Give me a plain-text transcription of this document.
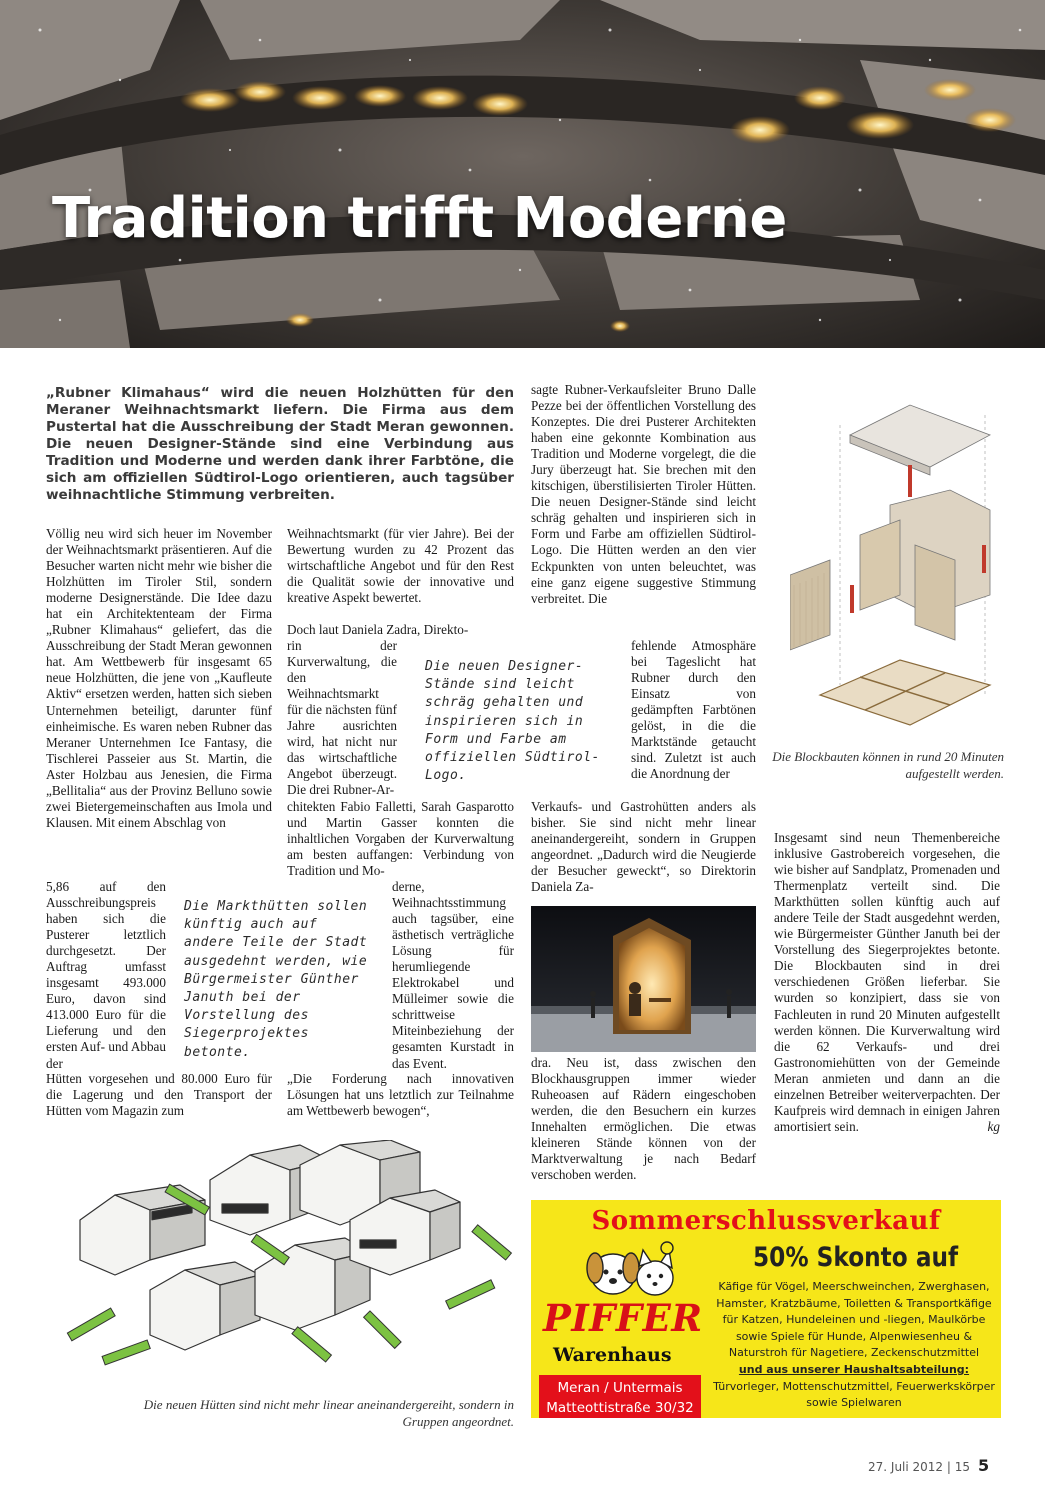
Tradition trifft Moderne
„Rubner Klimahaus“ wird die neuen Holzhütten für den Meraner Weihnachtsmarkt liefern. Die Firma aus dem Pustertal hat die Ausschreibung der Stadt Meran gewonnen. Die neuen Designer-Stände sind eine Verbindung aus Tradition und Moderne und werden dank ihrer Farbtöne, die sich am offiziellen Südtirol-Logo orientieren, auch tagsüber weihnachtliche Stimmung verbreiten.
Völlig neu wird sich heuer im November der Weihnachtsmarkt präsentieren. Auf die Besucher warten nicht mehr wie bisher die Holzhütten im Tiroler Stil, sondern moderne Designerstände. Die Idee dazu hat ein Architektenteam der Firma „Rubner Klimahaus“ geliefert, das die Ausschreibung der Stadt Meran gewonnen hat. Am Wettbewerb für insgesamt 65 neue Holzhütten, die jene von „Kaufleute Aktiv“ ersetzen werden, hatten sich sieben Unternehmen beteiligt, darunter fünf einheimische. Es waren neben Rubner das Meraner Unternehmen Ice Fantasy, die Tischlerei Passeier aus St. Martin, die Aster Holzbau aus Jenesien, die Firma „Bellitalia“ aus der Provinz Belluno sowie zwei Bietergemeinschaften aus Imola und Klausen. Mit einem Abschlag von
5,86 auf den Ausschreibungspreis haben sich die Pusterer letztlich durchgesetzt. Der Auftrag umfasst insgesamt 493.000 Euro, davon sind 413.000 Euro für die Lieferung und den ersten Auf- und Abbau der
Hütten vorgesehen und 80.000 Euro für die Lagerung und den Transport der Hütten vom Magazin zum
Weihnachtsmarkt (für vier Jahre). Bei der Bewertung wurden zu 42 Prozent das wirtschaftliche Angebot und für den Rest die Qualität sowie der innovative und kreative Aspekt bewertet.
Doch laut Daniela Zadra, Direkto-
rin der Kurverwaltung, die den Weihnachtsmarkt für die nächsten fünf Jahre ausrichten wird, hat nicht nur das wirtschaftliche Angebot überzeugt. Die drei Rubner-Ar-
chitekten Fabio Falletti, Sarah Gasparotto und Martin Gasser konnten die inhaltlichen Vorgaben der Kurverwaltung am besten auffangen: Verbindung von Tradition und Mo-
derne, Weihnachtsstimmung auch tagsüber, eine ästhetisch verträgliche Lösung für herumliegende Elektrokabel und Mülleimer sowie die schrittweise Miteinbeziehung der gesamten Kurstadt in das Event.
„Die Forderung nach innovativen Lösungen hat uns letztlich zur Teilnahme am Wettbewerb bewogen“,
Die neuen Designer-Stände sind leicht schräg gehalten und inspirieren sich in Form und Farbe am offiziellen Südtirol-Logo.
Die Markthütten sollen künftig auch auf andere Teile der Stadt ausgedehnt werden, wie Bürgermeister Günther Januth bei der Vorstellung des Siegerprojektes betonte.
sagte Rubner-Verkaufsleiter Bruno Dalle Pezze bei der öffentlichen Vorstellung des Konzeptes. Die drei Pusterer Architekten haben eine gekonnte Kombination aus Tradition und Moderne vorgelegt, die die Jury überzeugt hat. Sie brechen mit den kitschigen, überstilisierten Tiroler Hütten. Die neuen Designer-Stände sind leicht schräg gehalten und inspirieren sich in Form und Farbe am offiziellen Südtirol-Logo. Die Hütten werden an den vier Eckpunkten von unten beleuchtet, was eine ganz eigene suggestive Stimmung verbreitet. Die
fehlende Atmosphäre bei Tageslicht hat Rubner durch den Einsatz von gedämpften Farbtönen gelöst, in die die Marktstände getaucht sind. Zuletzt ist auch die Anordnung der
Verkaufs- und Gastrohütten anders als bisher. Sie sind nicht mehr linear aneinandergereiht, sondern in Gruppen angeordnet. „Dadurch wird die Neugierde der Besucher geweckt“, so Direktorin Daniela Za-
dra. Neu ist, dass zwischen den Blockhausgruppen immer wieder Ruheoasen auf Rädern eingeschoben werden, die den Besuchern ein kurzes Innehalten ermöglichen. Die etwas kleineren Stände können von der Marktverwaltung je nach Bedarf verschoben werden.
Die Blockbauten können in rund 20 Minuten aufgestellt werden.
Insgesamt sind neun Themenbereiche inklusive Gastrobereich vorgesehen, die wie bisher auf Sandplatz, Promenaden und Thermenplatz verteilt sind. Die Markthütten sollen künftig auch auf andere Teile der Stadt ausgedehnt werden, wie Bürgermeister Günther Januth bei der Vorstellung des Siegerprojektes betonte. Die Blockbauten sind in drei verschiedenen Größen lieferbar. Sie wurden so konzipiert, dass sie von Fachleuten in rund 20 Minuten aufgestellt werden können. Die Kurverwaltung wird die 62 Verkaufs- und drei Gastronomiehütten von der Gemeinde Meran anmieten und dann an die einzelnen Betreiber weiterverpachten. Der Kaufpreis wird demnach in einigen Jahren amortisiert sein.	kg
Die neuen Hütten sind nicht mehr linear aneinandergereiht, sondern in Gruppen angeordnet.
Sommerschlussverkauf
50% Skonto auf
Käfige für Vögel, Meerschweinchen, Zwerghasen, Hamster, Kratzbäume, Toiletten & Transportkäfige für Katzen, Hundeleinen und -liegen, Maulkörbe sowie Spiele für Hunde, Alpenwiesenheu & Naturstroh für Nagetiere, Zeckenschutzmittel
und aus unserer Haushaltsabteilung: Türvorleger, Mottenschutzmittel, Feuerwerkskörper sowie Spielwaren
PIFFER
Warenhaus
Meran / Untermais
Matteottistraße 30/32
27. Juli 2012 | 15 5
